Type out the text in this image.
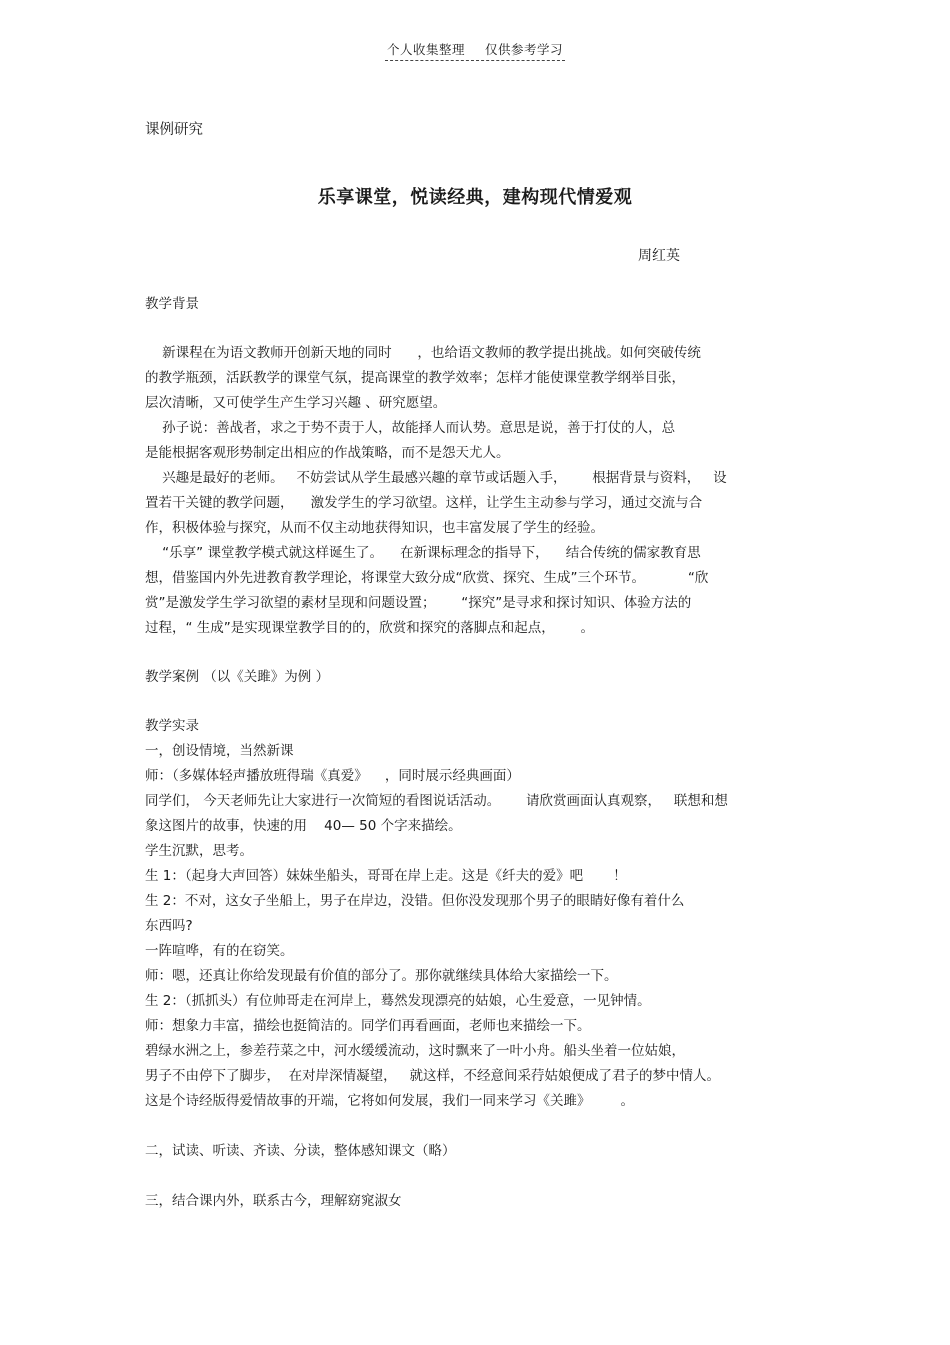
个人收集整理 仅供参考学习
课例研究
乐享课堂，悦读经典，建构现代情爱观
周红英
教学背景
新课程在为语文教师开创新天地的同时      ，也给语文教师的教学提出挑战。如何突破传统
的教学瓶颈，活跃教学的课堂气氛，提高课堂的教学效率；怎样才能使课堂教学纲举目张，
层次清晰，又可使学生产生学习兴趣 、研究愿望。
孙子说：善战者，求之于势不责于人，故能择人而认势。意思是说，善于打仗的人，总
是能根据客观形势制定出相应的作战策略，而不是怨天尤人。
兴趣是最好的老师。   不妨尝试从学生最感兴趣的章节或话题入手，      根据背景与资料，   设
置若干关键的教学问题，    激发学生的学习欲望。这样，让学生主动参与学习，通过交流与合
作，积极体验与探究，从而不仅主动地获得知识，也丰富发展了学生的经验。
“乐享” 课堂教学模式就这样诞生了。    在新课标理念的指导下，    结合传统的儒家教育思
想，借鉴国内外先进教育教学理论，将课堂大致分成“欣赏、探究、生成”三个环节。          “欣
赏”是激发学生学习欲望的素材呈现和问题设置；      “探究”是寻求和探讨知识、体验方法的
过程，“ 生成”是实现课堂教学目的的，欣赏和探究的落脚点和起点，      。
教学案例 （以《关雎》为例 ）
教学实录
一，创设情境，当然新课
师：（多媒体轻声播放班得瑞《真爱》    ，同时展示经典画面）
同学们， 今天老师先让大家进行一次简短的看图说话活动。      请欣赏画面认真观察，   联想和想
象这图片的故事，快速的用    40— 50 个字来描绘。
学生沉默，思考。
生 1：（起身大声回答）妹妹坐船头，哥哥在岸上走。这是《纤夫的爱》吧       ！
生 2：不对，这女子坐船上，男子在岸边，没错。但你没发现那个男子的眼睛好像有着什么
东西吗?
一阵喧哗，有的在窃笑。
师：嗯，还真让你给发现最有价值的部分了。那你就继续具体给大家描绘一下。
生 2：（抓抓头）有位帅哥走在河岸上，蓦然发现漂亮的姑娘，心生爱意，一见钟情。
师：想象力丰富，描绘也挺简洁的。同学们再看画面，老师也来描绘一下。
碧绿水洲之上，参差荇菜之中，河水缓缓流动，这时飘来了一叶小舟。船头坐着一位姑娘，
男子不由停下了脚步，  在对岸深情凝望，   就这样，不经意间采荇姑娘便成了君子的梦中情人。
这是个诗经版得爱情故事的开端，它将如何发展，我们一同来学习《关雎》       。
二，试读、听读、齐读、分读，整体感知课文（略）
三，结合课内外，联系古今，理解窈窕淑女
